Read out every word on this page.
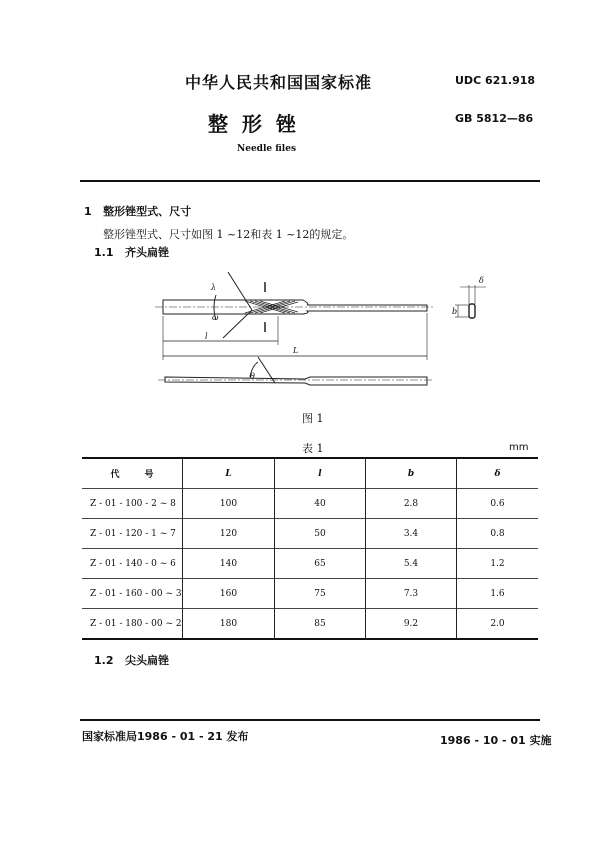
中华人民共和国国家标准	UDC 621.918
GB 5812—86
整  形  锉
Needle files
1   整形锉型式、尺寸
整形锉型式、尺寸如图 1 ~12和表 1 ~12的规定。
1.1   齐头扁锉
λ
ω
l
L
θ
b
δ
图 1
表 1	mm
代        号	L	l	b	δ
Z - 01 - 100 - 2 ~ 8	100	40	2.8	0.6
Z - 01 - 120 - 1 ~ 7	120	50	3.4	0.8
Z - 01 - 140 - 0 ~ 6	140	65	5.4	1.2
Z - 01 - 160 - 00 ~ 3	160	75	7.3	1.6
Z - 01 - 180 - 00 ~ 2	180	85	9.2	2.0
1.2   尖头扁锉
国家标准局1986 - 01 - 21 发布	1986 - 10 - 01 实施
